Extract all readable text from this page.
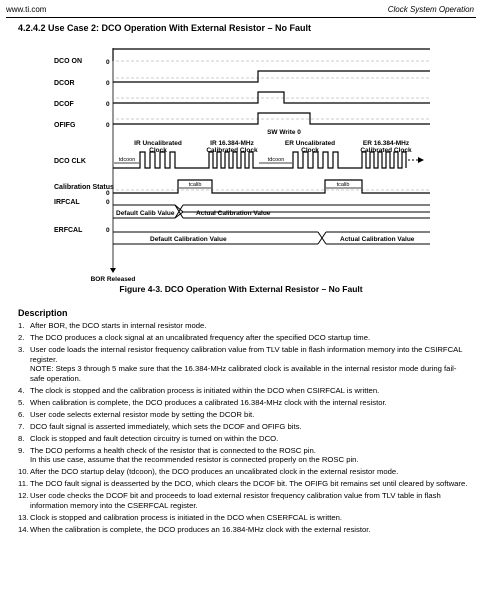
www.ti.com	Clock System Operation
4.2.4.2 Use Case 2: DCO Operation With External Resistor – No Fault
DCO ON
DCOR
DCOF
OFIFG
DCO CLK
Calibration Status
IRFCAL
ERFCAL
0
0
0
0
0
0
0
SW Write 0
IR Uncalibrated
Clock
IR 16.384-MHz
Calibrated Clock
ER Uncalibrated
Clock
ER 16.384-MHz
Calibrated Clock
tdcoon	tdcoon
tcalib	tcalib
Default Calib Value	Actual Calibration Value
Default Calibration Value	Actual Calibration Value
BOR Released
Figure 4-3. DCO Operation With External Resistor – No Fault
Description
1. After BOR, the DCO starts in internal resistor mode.
2. The DCO produces a clock signal at an uncalibrated frequency after the specified DCO startup time.
3. User code loads the internal resistor frequency calibration value from TLV table in flash information memory into the CSIRFCAL register.
NOTE: Steps 3 through 5 make sure that the 16.384-MHz calibrated clock is available in the internal resistor mode during fail-safe operation.
4. The clock is stopped and the calibration process is initiated within the DCO when CSIRFCAL is written.
5. When calibration is complete, the DCO produces a calibrated 16.384-MHz clock with the internal resistor.
6. User code selects external resistor mode by setting the DCOR bit.
7. DCO fault signal is asserted immediately, which sets the DCOF and OFIFG bits.
8. Clock is stopped and fault detection circuitry is turned on within the DCO.
9. The DCO performs a health check of the resistor that is connected to the ROSC pin.
In this use case, assume that the recommended resistor is connected properly on the ROSC pin.
10. After the DCO startup delay (tdcoon), the DCO produces an uncalibrated clock in the external resistor mode.
11. The DCO fault signal is deasserted by the DCO, which clears the DCOF bit. The OFIFG bit remains set until cleared by software.
12. User code checks the DCOF bit and proceeds to load external resistor frequency calibration value from TLV table in flash information memory into the CSERFCAL register.
13. Clock is stopped and calibration process is initiated in the DCO when CSERFCAL is written.
14. When the calibration is complete, the DCO produces an 16.384-MHz clock with the external resistor.
